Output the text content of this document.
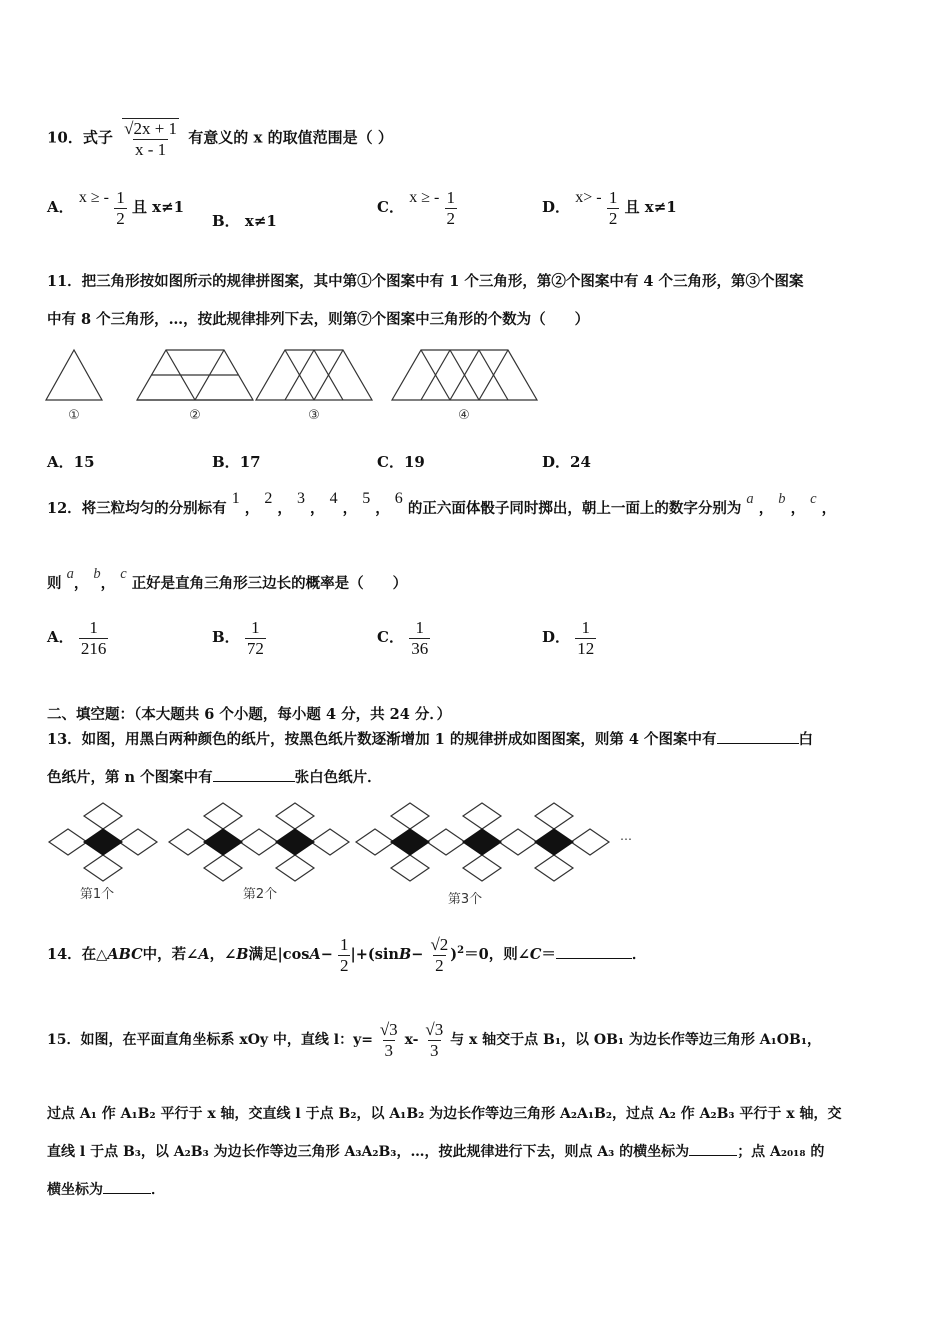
10．式子 $\frac{√2x + 1}{x - 1}$ 有意义的 x 的取值范围是（ ）
A． x ≥ - $\frac{1}{2}$ 且 x≠1
B． x≠1
C． x ≥ - $\frac{1}{2}$	D． $x> - \frac{1}{2}$ 且 x≠1
11．把三角形按如图所示的规律拼图案，其中第①个图案中有 1 个三角形，第②个图案中有 4 个三角形，第③个图案
中有 8 个三角形，…，按此规律排列下去，则第⑦个图案中三角形的个数为（　　）
①	②	③	④
A．15	B．17	C．19	D．24
12．将三粒均匀的分别标有 1 ， 2 ， 3 ， 4 ， 5 ， 6 的正六面体骰子同时掷出，朝上一面上的数字分别为 a ， b ， c ，
则 a， b， c 正好是直角三角形三边长的概率是（　　）
A． $\frac{1}{216}$	B． $\frac{1}{72}$	C． $\frac{1}{36}$	D． $\frac{1}{12}$
二、填空题：（本大题共 6 个小题，每小题 4 分，共 24 分．）
13．如图，用黑白两种颜色的纸片，按黑色纸片数逐渐增加 1 的规律拼成如图图案，则第 4 个图案中有	白
色纸片，第 n 个图案中有	张白色纸片．
…
第1个	第2个	第3个
14．在△ABC中，若∠A，∠B满足$|\cos A- \frac{1}{2} |+(\sin B- \frac{√2}{2} )^2=0$，则∠C＝	．
15．如图，在平面直角坐标系 xOy 中，直线 l：$y= \frac{√3}{3} x- \frac{√3}{3}$ 与 x 轴交于点 B₁，以 OB₁ 为边长作等边三角形 A₁OB₁，
过点 A₁ 作 A₁B₂ 平行于 x 轴，交直线 l 于点 B₂，以 A₁B₂ 为边长作等边三角形 A₂A₁B₂，过点 A₂ 作 A₂B₃ 平行于 x 轴，交
直线 l 于点 B₃，以 A₂B₃ 为边长作等边三角形 A₃A₂B₃，…，按此规律进行下去，则点 A₃ 的横坐标为	；点 A₂₀₁₈ 的
横坐标为	．
